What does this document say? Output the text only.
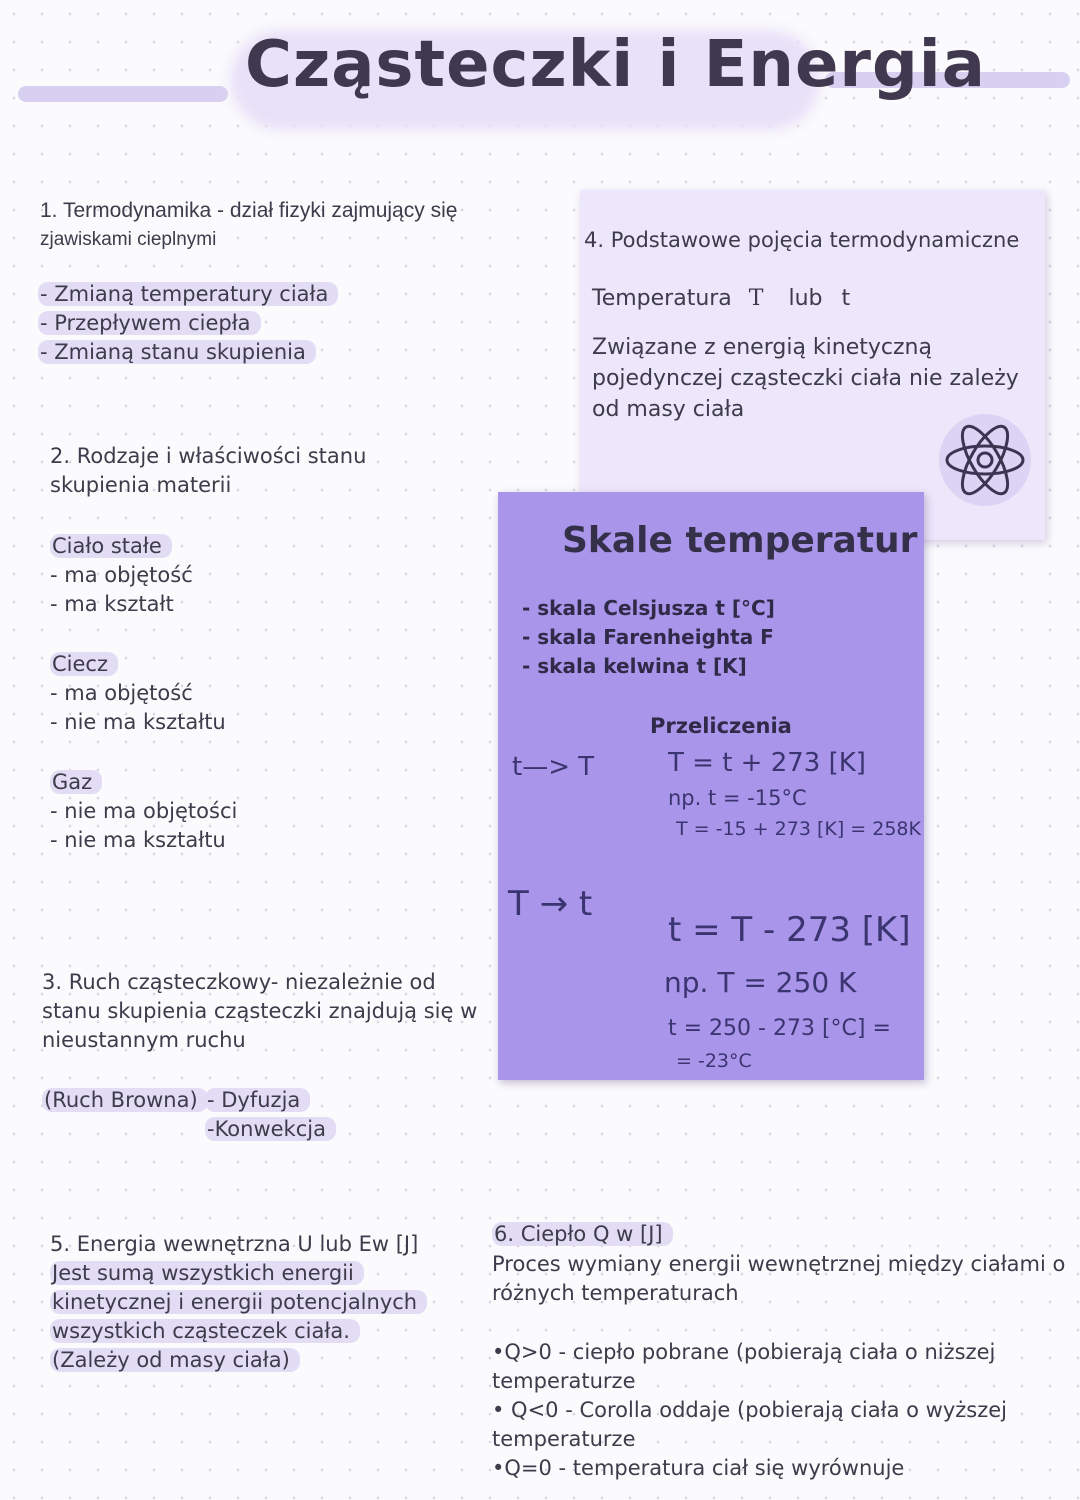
Cząsteczki i Energia
1. Termodynamika - dział fizyki zajmujący się
zjawiskami cieplnymi
- Zmianą temperatury ciała
- Przepływem ciepła
- Zmianą stanu skupienia
2. Rodzaje i właściwości stanu
skupienia materii
Ciało stałe
- ma objętość
- ma kształt
Ciecz
- ma objętość
- nie ma kształtu
Gaz
- nie ma objętości
- nie ma kształtu
3. Ruch cząsteczkowy- niezależnie od
stanu skupienia cząsteczki znajdują się w
nieustannym ruchu
(Ruch Browna) - Dyfuzja
-Konwekcja
4. Podstawowe pojęcia termodynamiczne
Temperatura T lub t
Związane z energią kinetyczną
pojedynczej cząsteczki ciała nie zależy
od masy ciała
Skale temperatur
- skala Celsjusza t [°C]
- skala Farenheighta F
- skala kelwina t [K]
Przeliczenia
t—> T	T = t + 273 [K]
np. t = -15°C
T = -15 + 273 [K] = 258K
T → t
t = T - 273 [K]
np. T = 250 K
t = 250 - 273 [°C] =
= -23°C
5. Energia wewnętrzna U lub Ew [J]
Jest sumą wszystkich energii
kinetycznej i energii potencjalnych
wszystkich cząsteczek ciała.
(Zależy od masy ciała)
6. Ciepło Q w [J]
Proces wymiany energii wewnętrznej między ciałami o
różnych temperaturach
•Q>0 - ciepło pobrane (pobierają ciała o niższej
temperaturze
• Q<0 - Corolla oddaje (pobierają ciała o wyższej
temperaturze
•Q=0 - temperatura ciał się wyrównuje
